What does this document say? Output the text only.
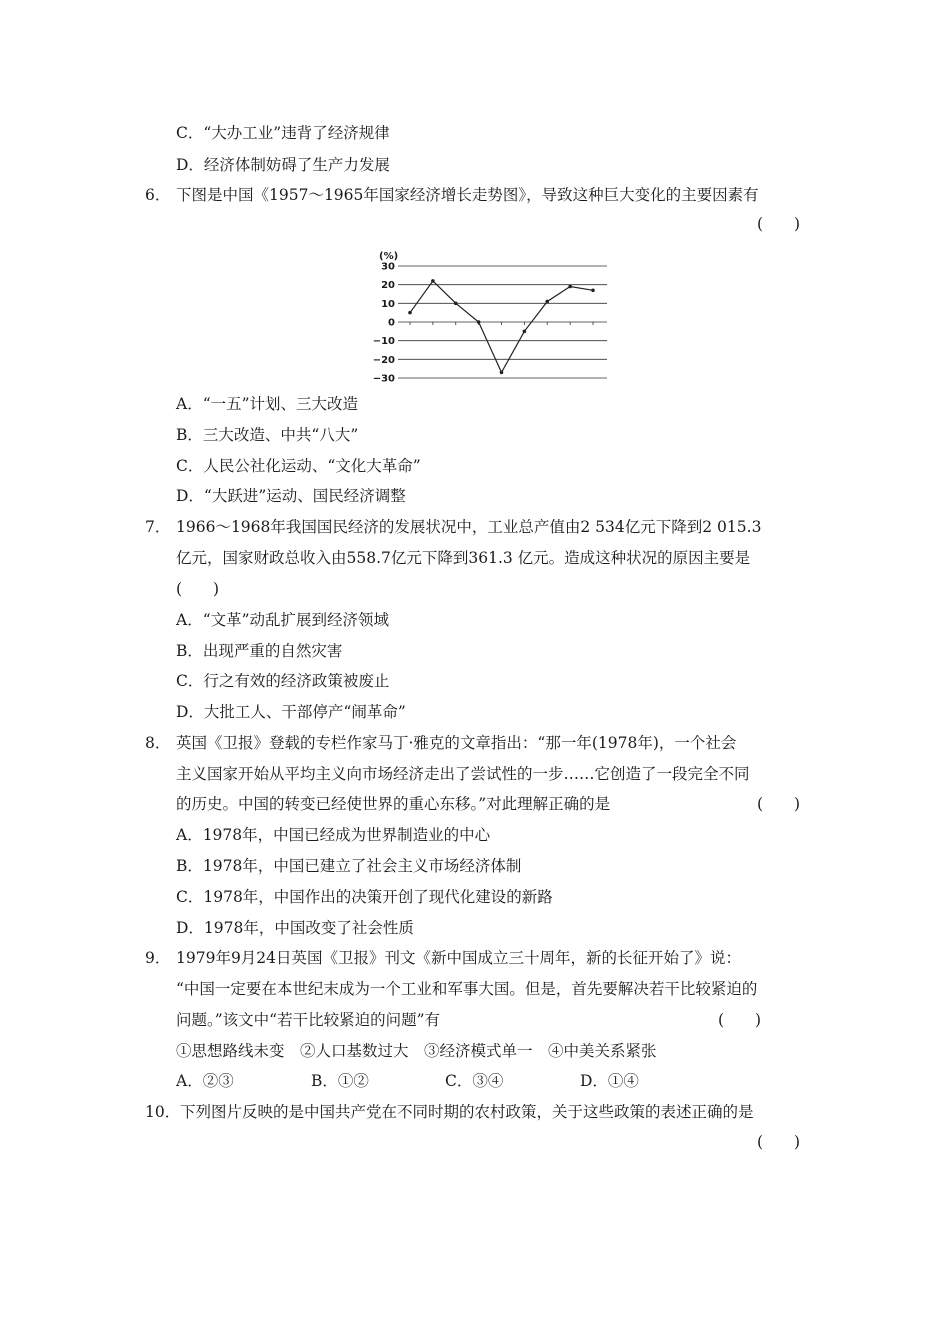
C．“大办工业”违背了经济规律
D．经济体制妨碍了生产力发展
6． 下图是中国《1957～1965年国家经济增长走势图》，导致这种巨大变化的主要因素有
(　　)
(%)
30
20
10
0
−10
−20
−30
A．“一五”计划、三大改造
B．三大改造、中共“八大”
C．人民公社化运动、“文化大革命”
D．“大跃进”运动、国民经济调整
7． 1966～1968年我国国民经济的发展状况中，工业总产值由2 534亿元下降到2 015.3
亿元，国家财政总收入由558.7亿元下降到361.3 亿元。造成这种状况的原因主要是
(　　)
A．“文革”动乱扩展到经济领域
B．出现严重的自然灾害
C．行之有效的经济政策被废止
D．大批工人、干部停产“闹革命”
8． 英国《卫报》登载的专栏作家马丁·雅克的文章指出：“那一年(1978年)，一个社会
主义国家开始从平均主义向市场经济走出了尝试性的一步……它创造了一段完全不同
的历史。中国的转变已经使世界的重心东移。”对此理解正确的是	(　　)
A．1978年，中国已经成为世界制造业的中心
B．1978年，中国已建立了社会主义市场经济体制
C．1978年，中国作出的决策开创了现代化建设的新路
D．1978年，中国改变了社会性质
9． 1979年9月24日英国《卫报》刊文《新中国成立三十周年，新的长征开始了》说：
“中国一定要在本世纪末成为一个工业和军事大国。但是，首先要解决若干比较紧迫的
问题。”该文中“若干比较紧迫的问题”有	(　　)
①思想路线未变　②人口基数过大　③经济模式单一　④中美关系紧张
A．②③	B．①②	C．③④	D．①④
10． 下列图片反映的是中国共产党在不同时期的农村政策，关于这些政策的表述正确的是
(　　)
